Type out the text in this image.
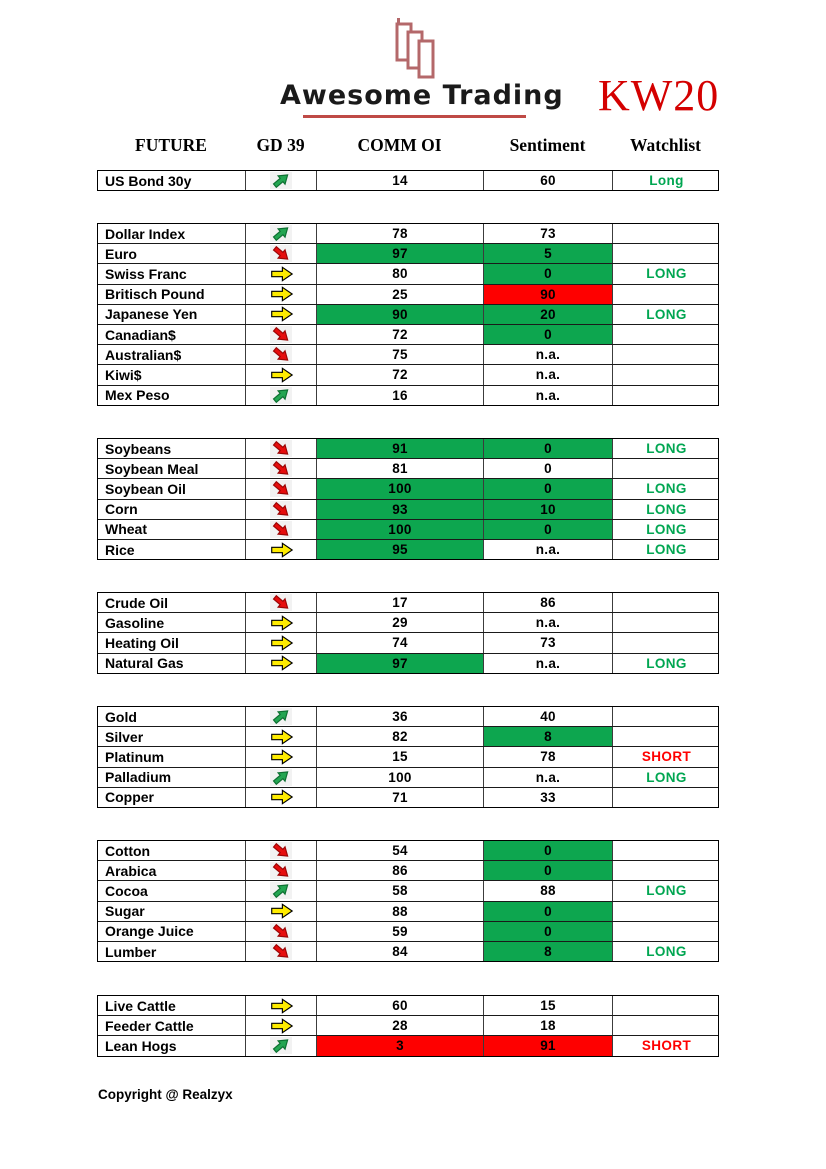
Awesome Trading KW20
FUTURE	GD 39	COMM OI	Sentiment	Watchlist
US Bond 30y	14	60	Long
Dollar Index	78	73
Euro	97	5
Swiss Franc	80	0	LONG
Britisch Pound	25	90
Japanese Yen	90	20	LONG
Canadian$	72	0
Australian$	75	n.a.
Kiwi$	72	n.a.
Mex Peso	16	n.a.
Soybeans	91	0	LONG
Soybean Meal	81	0
Soybean Oil	100	0	LONG
Corn	93	10	LONG
Wheat	100	0	LONG
Rice	95	n.a.	LONG
Crude Oil	17	86
Gasoline	29	n.a.
Heating Oil	74	73
Natural Gas	97	n.a.	LONG
Gold	36	40
Silver	82	8
Platinum	15	78	SHORT
Palladium	100	n.a.	LONG
Copper	71	33
Cotton	54	0
Arabica	86	0
Cocoa	58	88	LONG
Sugar	88	0
Orange Juice	59	0
Lumber	84	8	LONG
Live Cattle	60	15
Feeder Cattle	28	18
Lean Hogs	3	91	SHORT
Copyright @ Realzyx
